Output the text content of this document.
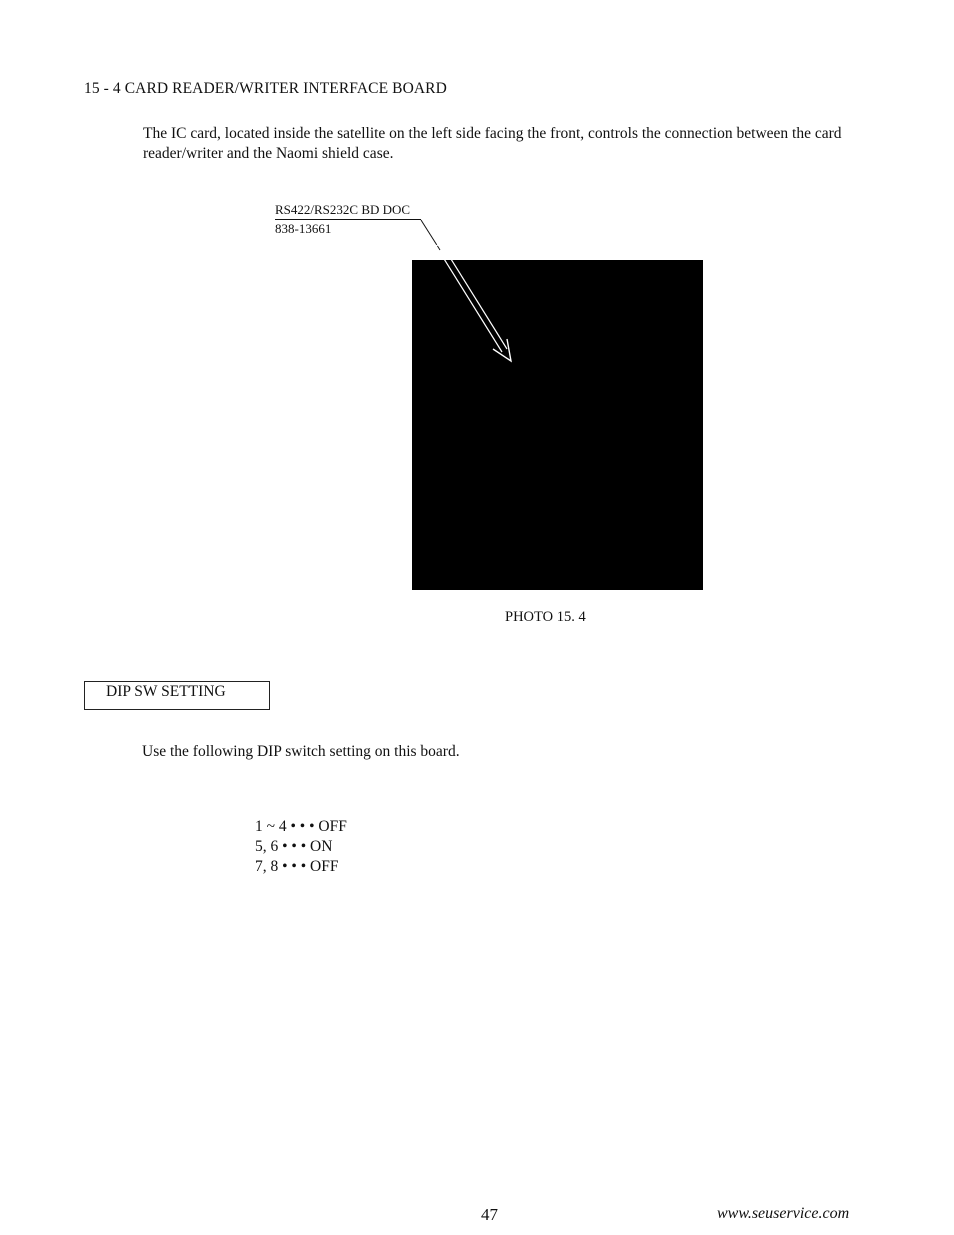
15 - 4 CARD READER/WRITER INTERFACE BOARD
The IC card, located inside the satellite on the left side facing the front, controls the connection between the card reader/writer and the Naomi shield case.
RS422/RS232C BD DOC
838-13661
PHOTO 15. 4
DIP SW SETTING
Use the following DIP switch setting on this board.
1 ~ 4 • • • OFF
5, 6 • • • ON
7, 8 • • • OFF
47	www.seuservice.com
